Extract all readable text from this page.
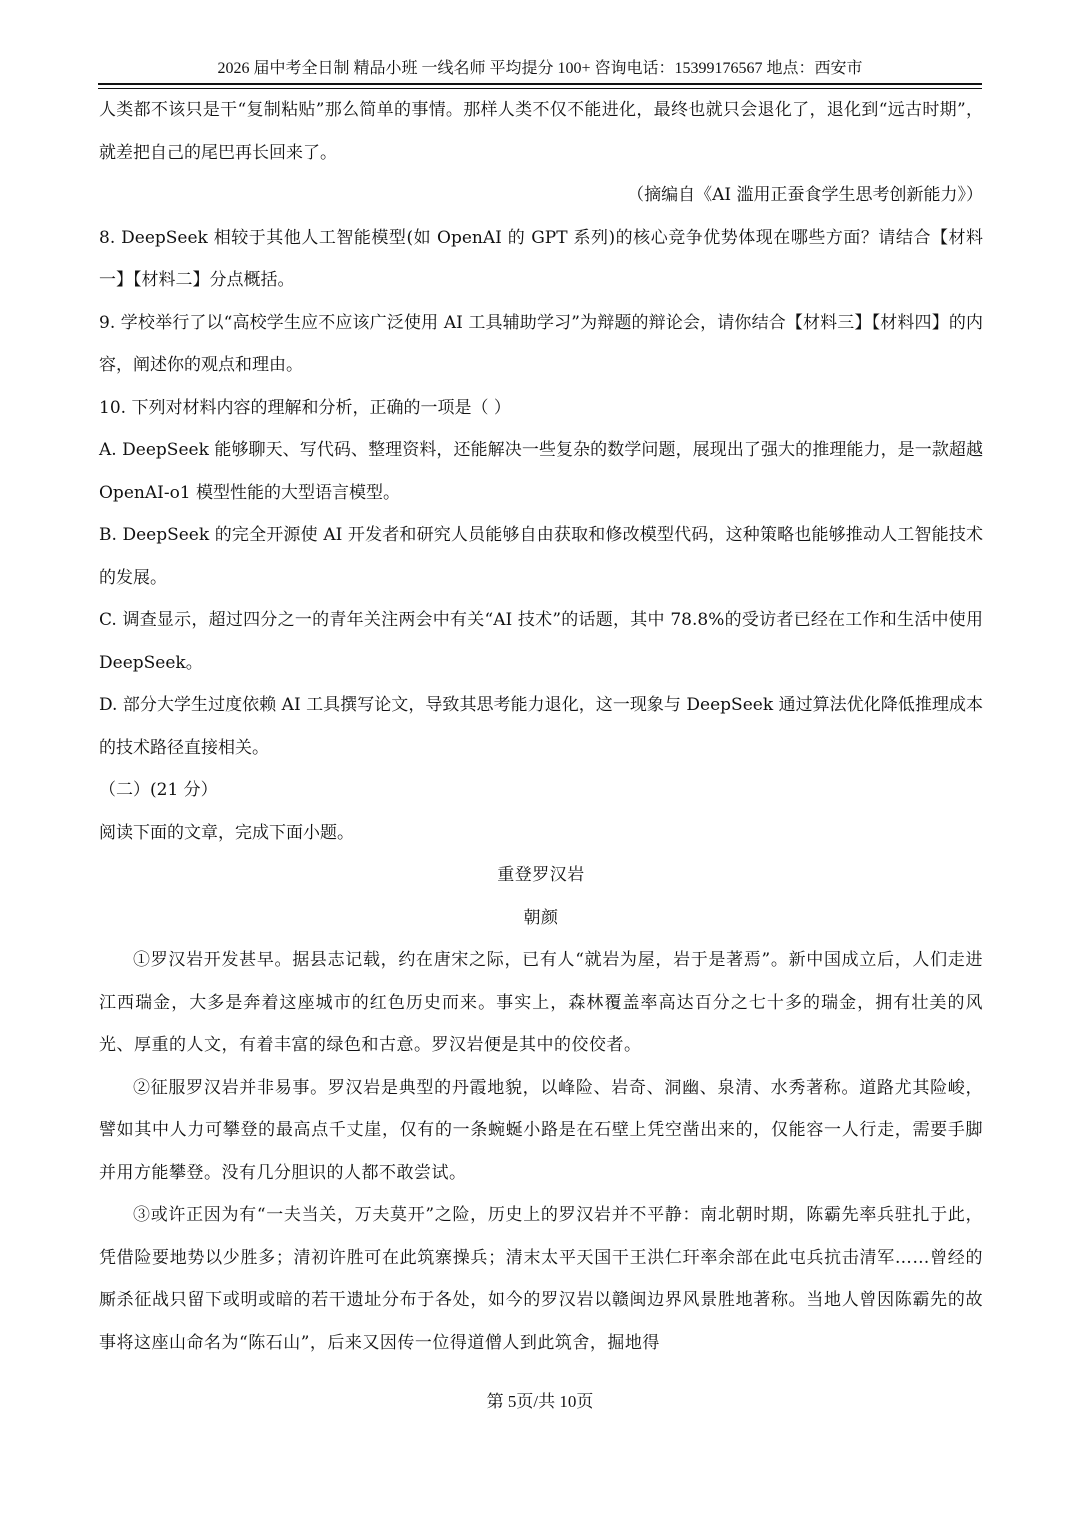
2026 届中考全日制 精品小班 一线名师 平均提分 100+ 咨询电话：15399176567 地点：西安市

人类都不该只是干“复制粘贴”那么简单的事情。那样人类不仅不能进化，最终也就只会退化了，退化到“远古时期”，就差把自己的尾巴再长回来了。

（摘编自《AI 滥用正蚕食学生思考创新能力》）

8. DeepSeek 相较于其他人工智能模型(如 OpenAI 的 GPT 系列)的核心竞争优势体现在哪些方面？请结合【材料一】【材料二】分点概括。

9. 学校举行了以“高校学生应不应该广泛使用 AI 工具辅助学习”为辩题的辩论会，请你结合【材料三】【材料四】的内容，阐述你的观点和理由。

10. 下列对材料内容的理解和分析，正确的一项是（ ）

A. DeepSeek 能够聊天、写代码、整理资料，还能解决一些复杂的数学问题，展现出了强大的推理能力，是一款超越 OpenAI-o1 模型性能的大型语言模型。

B. DeepSeek 的完全开源使 AI 开发者和研究人员能够自由获取和修改模型代码，这种策略也能够推动人工智能技术的发展。

C. 调查显示，超过四分之一的青年关注两会中有关“AI 技术”的话题，其中 78.8%的受访者已经在工作和生活中使用 DeepSeek。

D. 部分大学生过度依赖 AI 工具撰写论文，导致其思考能力退化，这一现象与 DeepSeek 通过算法优化降低推理成本的技术路径直接相关。

（二）(21 分）

阅读下面的文章，完成下面小题。

重登罗汉岩

朝颜

①罗汉岩开发甚早。据县志记载，约在唐宋之际，已有人“就岩为屋，岩于是著焉”。新中国成立后，人们走进江西瑞金，大多是奔着这座城市的红色历史而来。事实上，森林覆盖率高达百分之七十多的瑞金，拥有壮美的风光、厚重的人文，有着丰富的绿色和古意。罗汉岩便是其中的佼佼者。

②征服罗汉岩并非易事。罗汉岩是典型的丹霞地貌，以峰险、岩奇、洞幽、泉清、水秀著称。道路尤其险峻，譬如其中人力可攀登的最高点千丈崖，仅有的一条蜿蜒小路是在石壁上凭空凿出来的，仅能容一人行走，需要手脚并用方能攀登。没有几分胆识的人都不敢尝试。

③或许正因为有“一夫当关，万夫莫开”之险，历史上的罗汉岩并不平静：南北朝时期，陈霸先率兵驻扎于此，凭借险要地势以少胜多；清初许胜可在此筑寨操兵；清末太平天国干王洪仁玕率余部在此屯兵抗击清军……曾经的厮杀征战只留下或明或暗的若干遗址分布于各处，如今的罗汉岩以赣闽边界风景胜地著称。当地人曾因陈霸先的故事将这座山命名为“陈石山”，后来又因传一位得道僧人到此筑舍，掘地得

第 5页/共 10页
